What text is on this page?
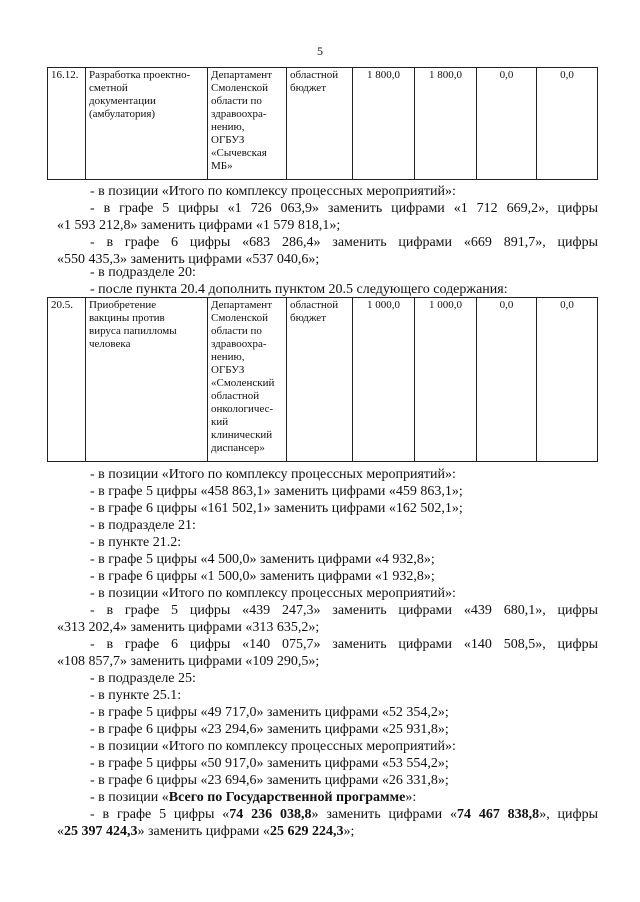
5
16.12.	Разработка проектно-
сметной
документации
(амбулатория)

Департамент
Смоленской
области по
здравоохра-
нению,
ОГБУЗ
«Сычевская
МБ»

областной
бюджет
	1 800,0	1 800,0	0,0	0,0
- в позиции «Итого по комплексу процессных мероприятий»:
- в графе 5 цифры «1 726 063,9» заменить цифрами «1 712 669,2», цифры
«1 593 212,8» заменить цифрами «1 579 818,1»;
- в графе 6 цифры «683 286,4» заменить цифрами «669 891,7», цифры
«550 435,3» заменить цифрами «537 040,6»;
- в подразделе 20:
- после пункта 20.4 дополнить пунктом 20.5 следующего содержания:
20.5.	Приобретение
вакцины против
вируса папилломы
человека

Департамент
Смоленской
области по
здравоохра-
нению,
ОГБУЗ
«Смоленский
областной
онкологичес-
кий
клинический
диспансер»

областной
бюджет
	1 000,0	1 000,0	0,0	0,0
- в позиции «Итого по комплексу процессных мероприятий»:
- в графе 5 цифры «458 863,1» заменить цифрами «459 863,1»;
- в графе 6 цифры «161 502,1» заменить цифрами «162 502,1»;
- в подразделе 21:
- в пункте 21.2:
- в графе 5 цифры «4 500,0» заменить цифрами «4 932,8»;
- в графе 6 цифры «1 500,0» заменить цифрами «1 932,8»;
- в позиции «Итого по комплексу процессных мероприятий»:
- в графе 5 цифры «439 247,3» заменить цифрами «439 680,1», цифры
«313 202,4» заменить цифрами «313 635,2»;
- в графе 6 цифры «140 075,7» заменить цифрами «140 508,5», цифры
«108 857,7» заменить цифрами «109 290,5»;
- в подразделе 25:
- в пункте 25.1:
- в графе 5 цифры «49 717,0» заменить цифрами «52 354,2»;
- в графе 6 цифры «23 294,6» заменить цифрами «25 931,8»;
- в позиции «Итого по комплексу процессных мероприятий»:
- в графе 5 цифры «50 917,0» заменить цифрами «53 554,2»;
- в графе 6 цифры «23 694,6» заменить цифрами «26 331,8»;
- в позиции «Всего по Государственной программе»:
- в графе 5 цифры «74 236 038,8» заменить цифрами «74 467 838,8», цифры
«25 397 424,3» заменить цифрами «25 629 224,3»;
